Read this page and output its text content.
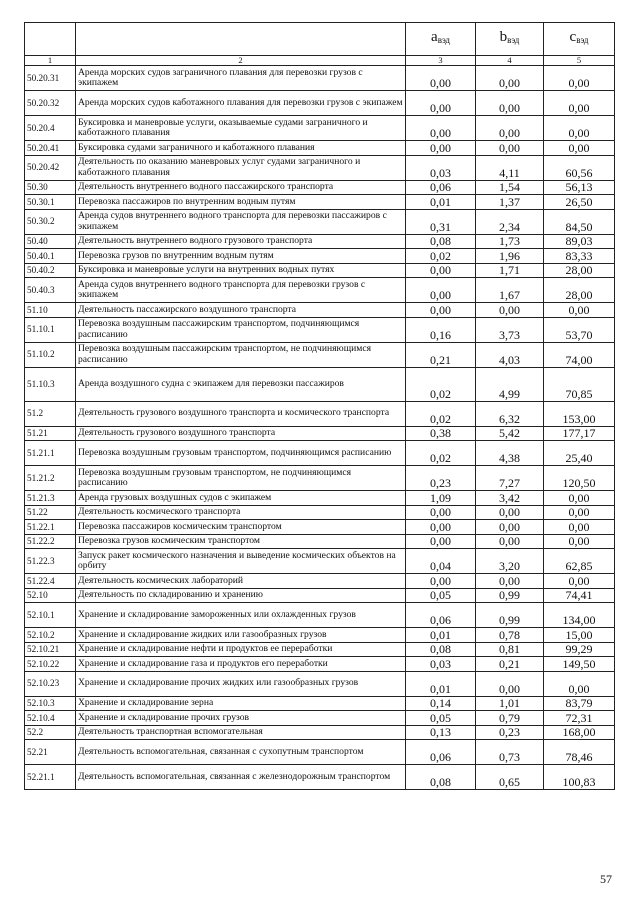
		$a_{вэд}$	$b_{вэд}$	$c_{вэд}$
1	2	3	4	5
50.20.31	Аренда морских судов заграничного плавания для перевозки грузов с экипажем	0,00	0,00	0,00
50.20.32	Аренда морских судов каботажного плавания для перевозки грузов с экипажем	0,00	0,00	0,00
50.20.4	Буксировка и маневровые услуги, оказываемые судами заграничного и каботажного плавания	0,00	0,00	0,00
50.20.41	Буксировка судами заграничного и каботажного плавания	0,00	0,00	0,00
50.20.42	Деятельность по оказанию маневровых услуг судами заграничного и каботажного плавания	0,03	4,11	60,56
50.30	Деятельность внутреннего водного пассажирского транспорта	0,06	1,54	56,13
50.30.1	Перевозка пассажиров по внутренним водным путям	0,01	1,37	26,50
50.30.2	Аренда судов внутреннего водного транспорта для перевозки пассажиров с экипажем	0,31	2,34	84,50
50.40	Деятельность внутреннего водного грузового транспорта	0,08	1,73	89,03
50.40.1	Перевозка грузов по внутренним водным путям	0,02	1,96	83,33
50.40.2	Буксировка и маневровые услуги на внутренних водных путях	0,00	1,71	28,00
50.40.3	Аренда судов внутреннего водного транспорта для перевозки грузов с экипажем	0,00	1,67	28,00
51.10	Деятельность пассажирского воздушного транспорта	0,00	0,00	0,00
51.10.1	Перевозка воздушным пассажирским транспортом, подчиняющимся расписанию	0,16	3,73	53,70
51.10.2	Перевозка воздушным пассажирским транспортом, не подчиняющимся расписанию	0,21	4,03	74,00
51.10.3	Аренда воздушного судна с экипажем для перевозки пассажиров	0,02	4,99	70,85
51.2	Деятельность грузового воздушного транспорта и космического транспорта	0,02	6,32	153,00
51.21	Деятельность грузового воздушного транспорта	0,38	5,42	177,17
51.21.1	Перевозка воздушным грузовым транспортом, подчиняющимся расписанию	0,02	4,38	25,40
51.21.2	Перевозка воздушным грузовым транспортом, не подчиняющимся расписанию	0,23	7,27	120,50
51.21.3	Аренда грузовых воздушных судов с экипажем	1,09	3,42	0,00
51.22	Деятельность космического транспорта	0,00	0,00	0,00
51.22.1	Перевозка пассажиров космическим транспортом	0,00	0,00	0,00
51.22.2	Перевозка грузов космическим транспортом	0,00	0,00	0,00
51.22.3	Запуск ракет космического назначения и выведение космических объектов на орбиту	0,04	3,20	62,85
51.22.4	Деятельность космических лабораторий	0,00	0,00	0,00
52.10	Деятельность по складированию и хранению	0,05	0,99	74,41
52.10.1	Хранение и складирование замороженных или охлажденных грузов	0,06	0,99	134,00
52.10.2	Хранение и складирование жидких или газообразных грузов	0,01	0,78	15,00
52.10.21	Хранение и складирование нефти и продуктов ее переработки	0,08	0,81	99,29
52.10.22	Хранение и складирование газа и продуктов его переработки	0,03	0,21	149,50
52.10.23	Хранение и складирование прочих жидких или газообразных грузов	0,01	0,00	0,00
52.10.3	Хранение и складирование зерна	0,14	1,01	83,79
52.10.4	Хранение и складирование прочих грузов	0,05	0,79	72,31
52.2	Деятельность транспортная вспомогательная	0,13	0,23	168,00
52.21	Деятельность вспомогательная, связанная с сухопутным транспортом	0,06	0,73	78,46
52.21.1	Деятельность вспомогательная, связанная с железнодорожным транспортом	0,08	0,65	100,83
57
